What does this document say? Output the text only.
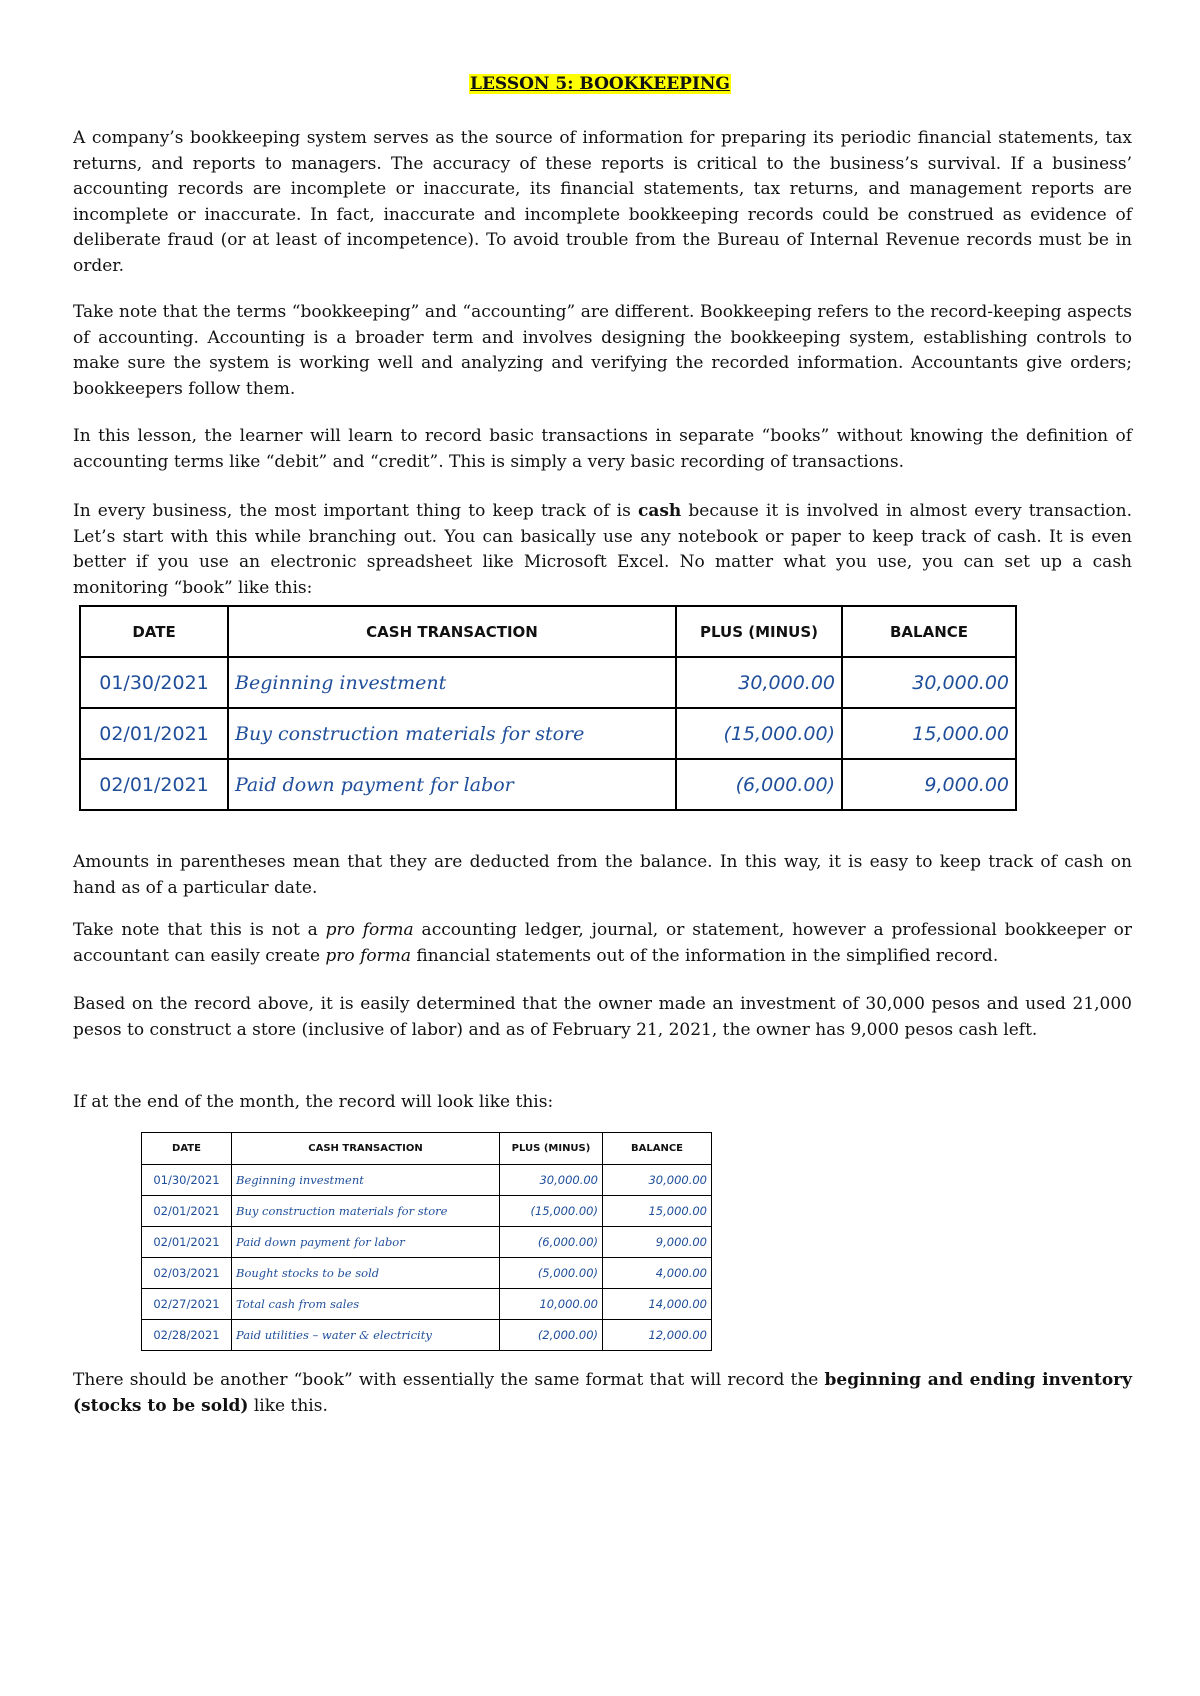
LESSON 5: BOOKKEEPING

A company’s bookkeeping system serves as the source of information for preparing its periodic financial statements, tax returns, and reports to managers. The accuracy of these reports is critical to the business’s survival. If a business’ accounting records are incomplete or inaccurate, its financial statements, tax returns, and management reports are incomplete or inaccurate. In fact, inaccurate and incomplete bookkeeping records could be construed as evidence of deliberate fraud (or at least of incompetence). To avoid trouble from the Bureau of Internal Revenue records must be in order.

Take note that the terms “bookkeeping” and “accounting” are different. Bookkeeping refers to the record-keeping aspects of accounting. Accounting is a broader term and involves designing the bookkeeping system, establishing controls to make sure the system is working well and analyzing and verifying the recorded information. Accountants give orders; bookkeepers follow them.

In this lesson, the learner will learn to record basic transactions in separate “books” without knowing the definition of accounting terms like “debit” and “credit”. This is simply a very basic recording of transactions.

In every business, the most important thing to keep track of is cash because it is involved in almost every transaction. Let’s start with this while branching out. You can basically use any notebook or paper to keep track of cash. It is even better if you use an electronic spreadsheet like Microsoft Excel. No matter what you use, you can set up a cash monitoring “book” like this:

DATE	CASH TRANSACTION	PLUS (MINUS)	BALANCE
01/30/2021	Beginning investment	30,000.00	30,000.00
02/01/2021	Buy construction materials for store	(15,000.00)	15,000.00
02/01/2021	Paid down payment for labor	(6,000.00)	9,000.00

Amounts in parentheses mean that they are deducted from the balance. In this way, it is easy to keep track of cash on hand as of a particular date.

Take note that this is not a pro forma accounting ledger, journal, or statement, however a professional bookkeeper or accountant can easily create pro forma financial statements out of the information in the simplified record.

Based on the record above, it is easily determined that the owner made an investment of 30,000 pesos and used 21,000 pesos to construct a store (inclusive of labor) and as of February 21, 2021, the owner has 9,000 pesos cash left.

If at the end of the month, the record will look like this:

DATE	CASH TRANSACTION	PLUS (MINUS)	BALANCE
01/30/2021	Beginning investment	30,000.00	30,000.00
02/01/2021	Buy construction materials for store	(15,000.00)	15,000.00
02/01/2021	Paid down payment for labor	(6,000.00)	9,000.00
02/03/2021	Bought stocks to be sold	(5,000.00)	4,000.00
02/27/2021	Total cash from sales	10,000.00	14,000.00
02/28/2021	Paid utilities – water & electricity	(2,000.00)	12,000.00

There should be another “book” with essentially the same format that will record the beginning and ending inventory (stocks to be sold) like this.
